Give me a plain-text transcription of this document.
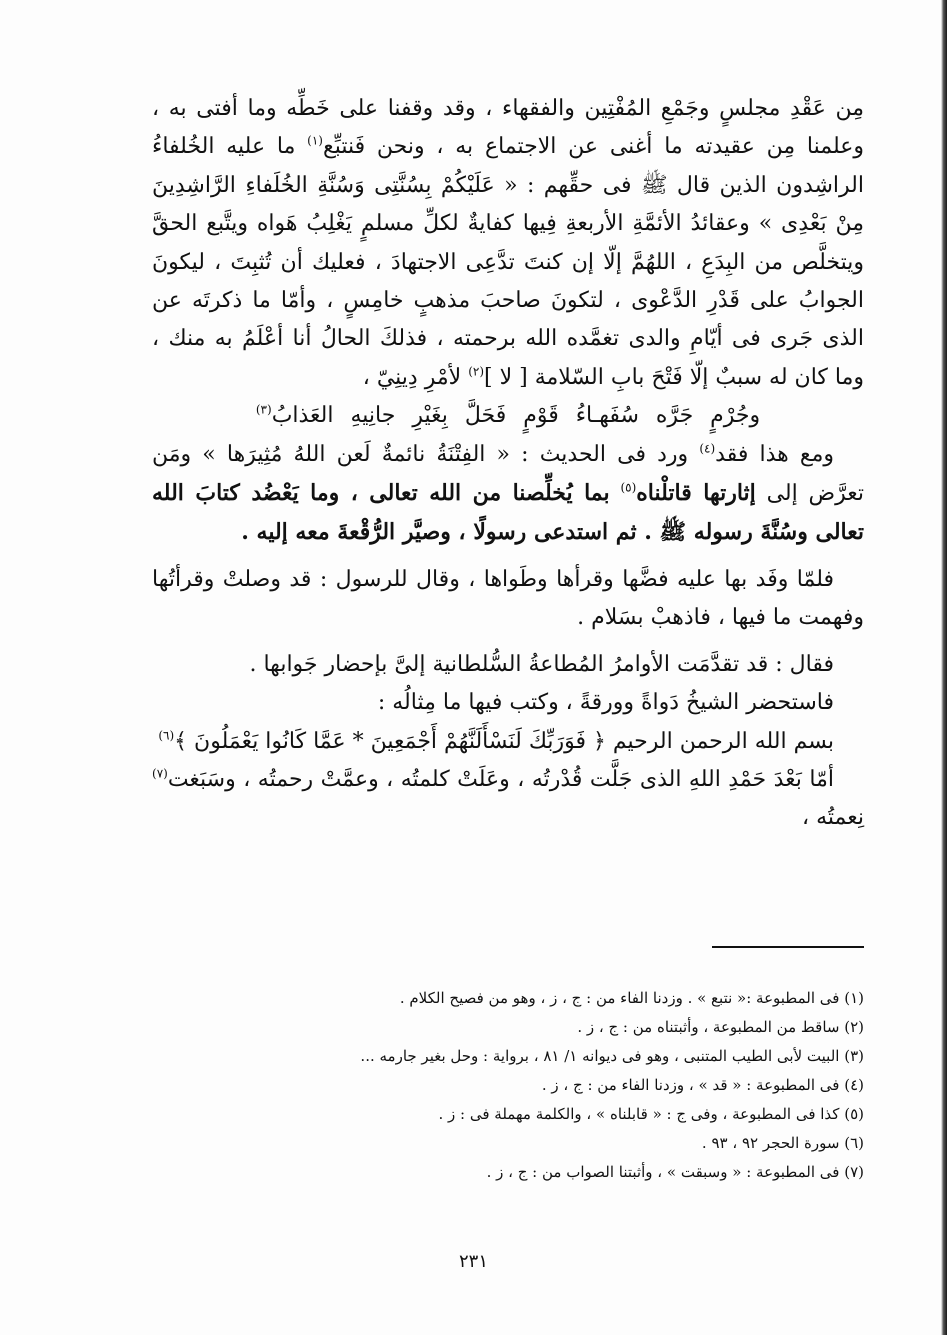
مِن عَقْدِ مجلسٍ وجَمْعِ المُفْتِين والفقهاء ، وقد وقفنا على خَطِّه وما أفتى به ، وعلمنا مِن عقيدته ما أغنى عن الاجتماع به ، ونحن فَنتبِّع$^{(١)}$ ما عليه الخُلفاءُ الراشِدون الذين قال ﷺ فى حقِّهم : « عَلَيْكُمْ بِسُنَّتِى وَسُنَّةِ الخُلَفاءِ الرَّاشِدِينَ مِنْ بَعْدِى » وعقائدُ الأئمَّةِ الأربعةِ فِيها كفايةٌ لكلِّ مسلمٍ يَغْلِبُ هَواه ويتَّبع الحقَّ ويتخلَّص من البِدَعِ ، اللهُمَّ إلّا إن كنتَ تدَّعِى الاجتهادَ ، فعليك أن تُثبِتَ ، ليكونَ الجوابُ على قَدْرِ الدَّعْوى ، لتكونَ صاحبَ مذهبٍ خامِسٍ ، وأمّا ما ذكرتَه عن الذى جَرى فى أيّامِ والدى تغمَّده الله برحمته ، فذلكَ الحالُ أنا أعْلَمُ به منك ، وما كان له سببٌ إلّا فَتْحَ بابِ السّلامة [ لا ]$^{(٢)}$ لأمْرِ دِينِيّ ،

وجُرْمٍ جَرَّه سُفَهـاءُ قَوْمٍ فَحَلَّ بِغَيْرِ جانِيهِ العَذابُ$^{(٣)}$

ومع هذا فقد$^{(٤)}$ ورد فى الحديث : « الفِتْنَةُ نائمةٌ لَعن اللهُ مُثِيرَها » ومَن تعرَّض إلى إثارتها قاتلْناه$^{(٥)}$ بما يُخلِّصنا من الله تعالى ، وما يَعْضُد كتابَ الله تعالى وسُنَّةَ رسوله ﷺ . ثم استدعى رسولًا ، وصيَّر الرُّقْعةَ معه إليه .

فلمّا وفَد بها عليه فضَّها وقرأها وطَواها ، وقال للرسول : قد وصلتْ وقرأتُها وفهمت ما فيها ، فاذهبْ بسَلام .

فقال : قد تقدَّمَت الأوامرُ المُطاعةُ السُّلطانية إلىَّ بإحضار جَوابها .

فاستحضر الشيخُ دَواةً وورقةً ، وكتب فيها ما مِثالُه :

بسم الله الرحمن الرحيم ﴿ فَوَرَبِّكَ لَنَسْأَلَنَّهُمْ أَجْمَعِينَ * عَمَّا كَانُوا يَعْمَلُونَ ﴾$^{(٦)}$

أمّا بَعْدَ حَمْدِ اللهِ الذى جَلَّت قُدْرتُه ، وعَلَتْ كلمتُه ، وعمَّتْ رحمتُه ، وسَبَغت$^{(٧)}$ نِعمتُه ،

(١) فى المطبوعة :« نتبع » . وزدنا الفاء من : ج ، ز ، وهو من فصيح الكلام .

(٢) ساقط من المطبوعة ، وأثبتناه من : ج ، ز .

(٣) البيت لأبى الطيب المتنبى ، وهو فى ديوانه ١/ ٨١ ، برواية : وحل بغير جارمه ...

(٤) فى المطبوعة : « قد » ، وزدنا الفاء من : ج ، ز .

(٥) كذا فى المطبوعة ، وفى ج : « قابلناه » ، والكلمة مهملة فى : ز .

(٦) سورة الحجر ٩٢ ، ٩٣ .

(٧) فى المطبوعة : « وسبقت » ، وأثبتنا الصواب من : ج ، ز .

٢٣١
